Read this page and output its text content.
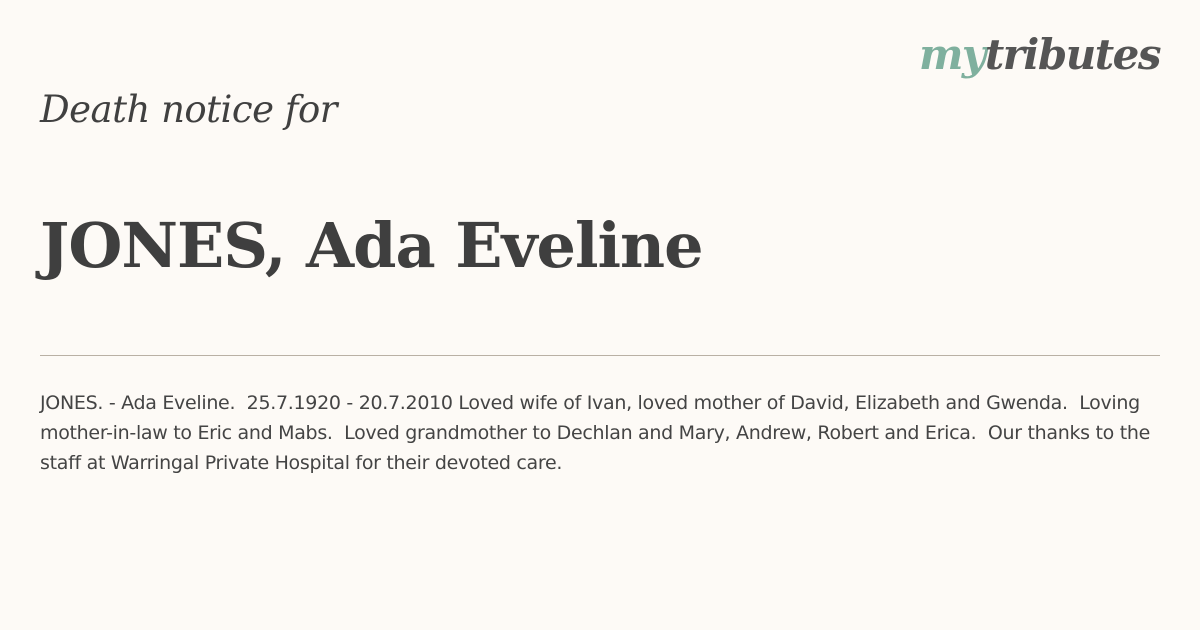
mytributes
Death notice for
JONES, Ada Eveline

JONES. - Ada Eveline.  25.7.1920 - 20.7.2010 Loved wife of Ivan, loved mother of David, Elizabeth and Gwenda.  Loving mother-in-law to Eric and Mabs.  Loved grandmother to Dechlan and Mary, Andrew, Robert and Erica.  Our thanks to the staff at Warringal Private Hospital for their devoted care.
